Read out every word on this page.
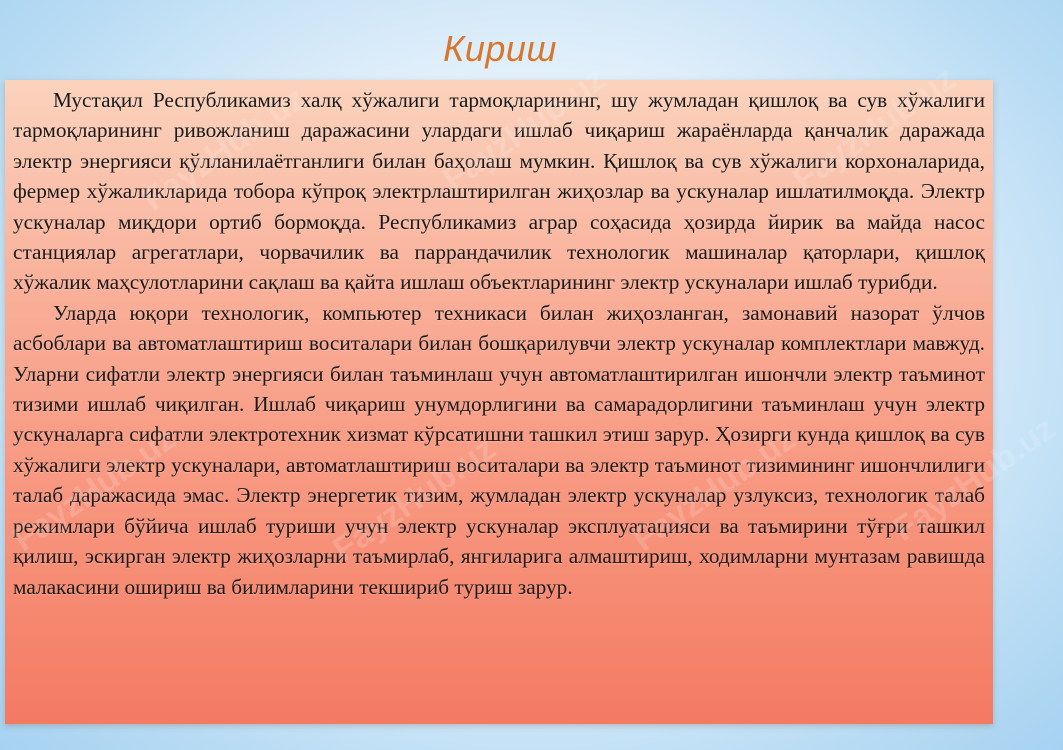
Кириш

Мустақил Республикамиз халқ хўжалиги тармоқларининг, шу жумладан қишлоқ ва сув хўжалиги тармоқларининг ривожланиш даражасини улардаги ишлаб чиқариш жараёнларда қанчалик даражада электр энергияси қўлланилаётганлиги билан баҳолаш мумкин. Қишлоқ ва сув хўжалиги корхоналарида, фермер хўжаликларида тобора кўпроқ электрлаштирилган жиҳозлар ва ускуналар ишлатилмоқда. Электр ускуналар миқдори ортиб бормоқда. Республикамиз аграр соҳасида ҳозирда йирик ва майда насос станциялар агрегатлари, чорвачилик ва паррандачилик технологик машиналар қаторлари, қишлоқ хўжалик маҳсулотларини сақлаш ва қайта ишлаш объектларининг электр ускуналари ишлаб турибди.

Уларда юқори технологик, компьютер техникаси билан жиҳозланган, замонавий назорат ўлчов асбоблари ва автоматлаштириш воситалари билан бошқарилувчи электр ускуналар комплектлари мавжуд. Уларни сифатли электр энергияси билан таъминлаш учун автоматлаштирилган ишончли электр таъминот тизими ишлаб чиқилган. Ишлаб чиқариш унумдорлигини ва самарадорлигини таъминлаш учун электр ускуналарга сифатли электротехник хизмат кўрсатишни ташкил этиш зарур. Ҳозирги кунда қишлоқ ва сув хўжалиги электр ускуналари, автоматлаштириш воситалари ва электр таъминот тизимининг ишончлилиги талаб даражасида эмас. Электр энергетик тизим, жумладан электр ускуналар узлуксиз, технологик талаб режимлари бўйича ишлаб туриши учун электр ускуналар эксплуатацияси ва таъмирини тўғри ташкил қилиш, эскирган электр жиҳозларни таъмирлаб, янгиларига алмаштириш, ходимларни мунтазам равишда малакасини ошириш ва билимларини текшириб туриш зарур.
